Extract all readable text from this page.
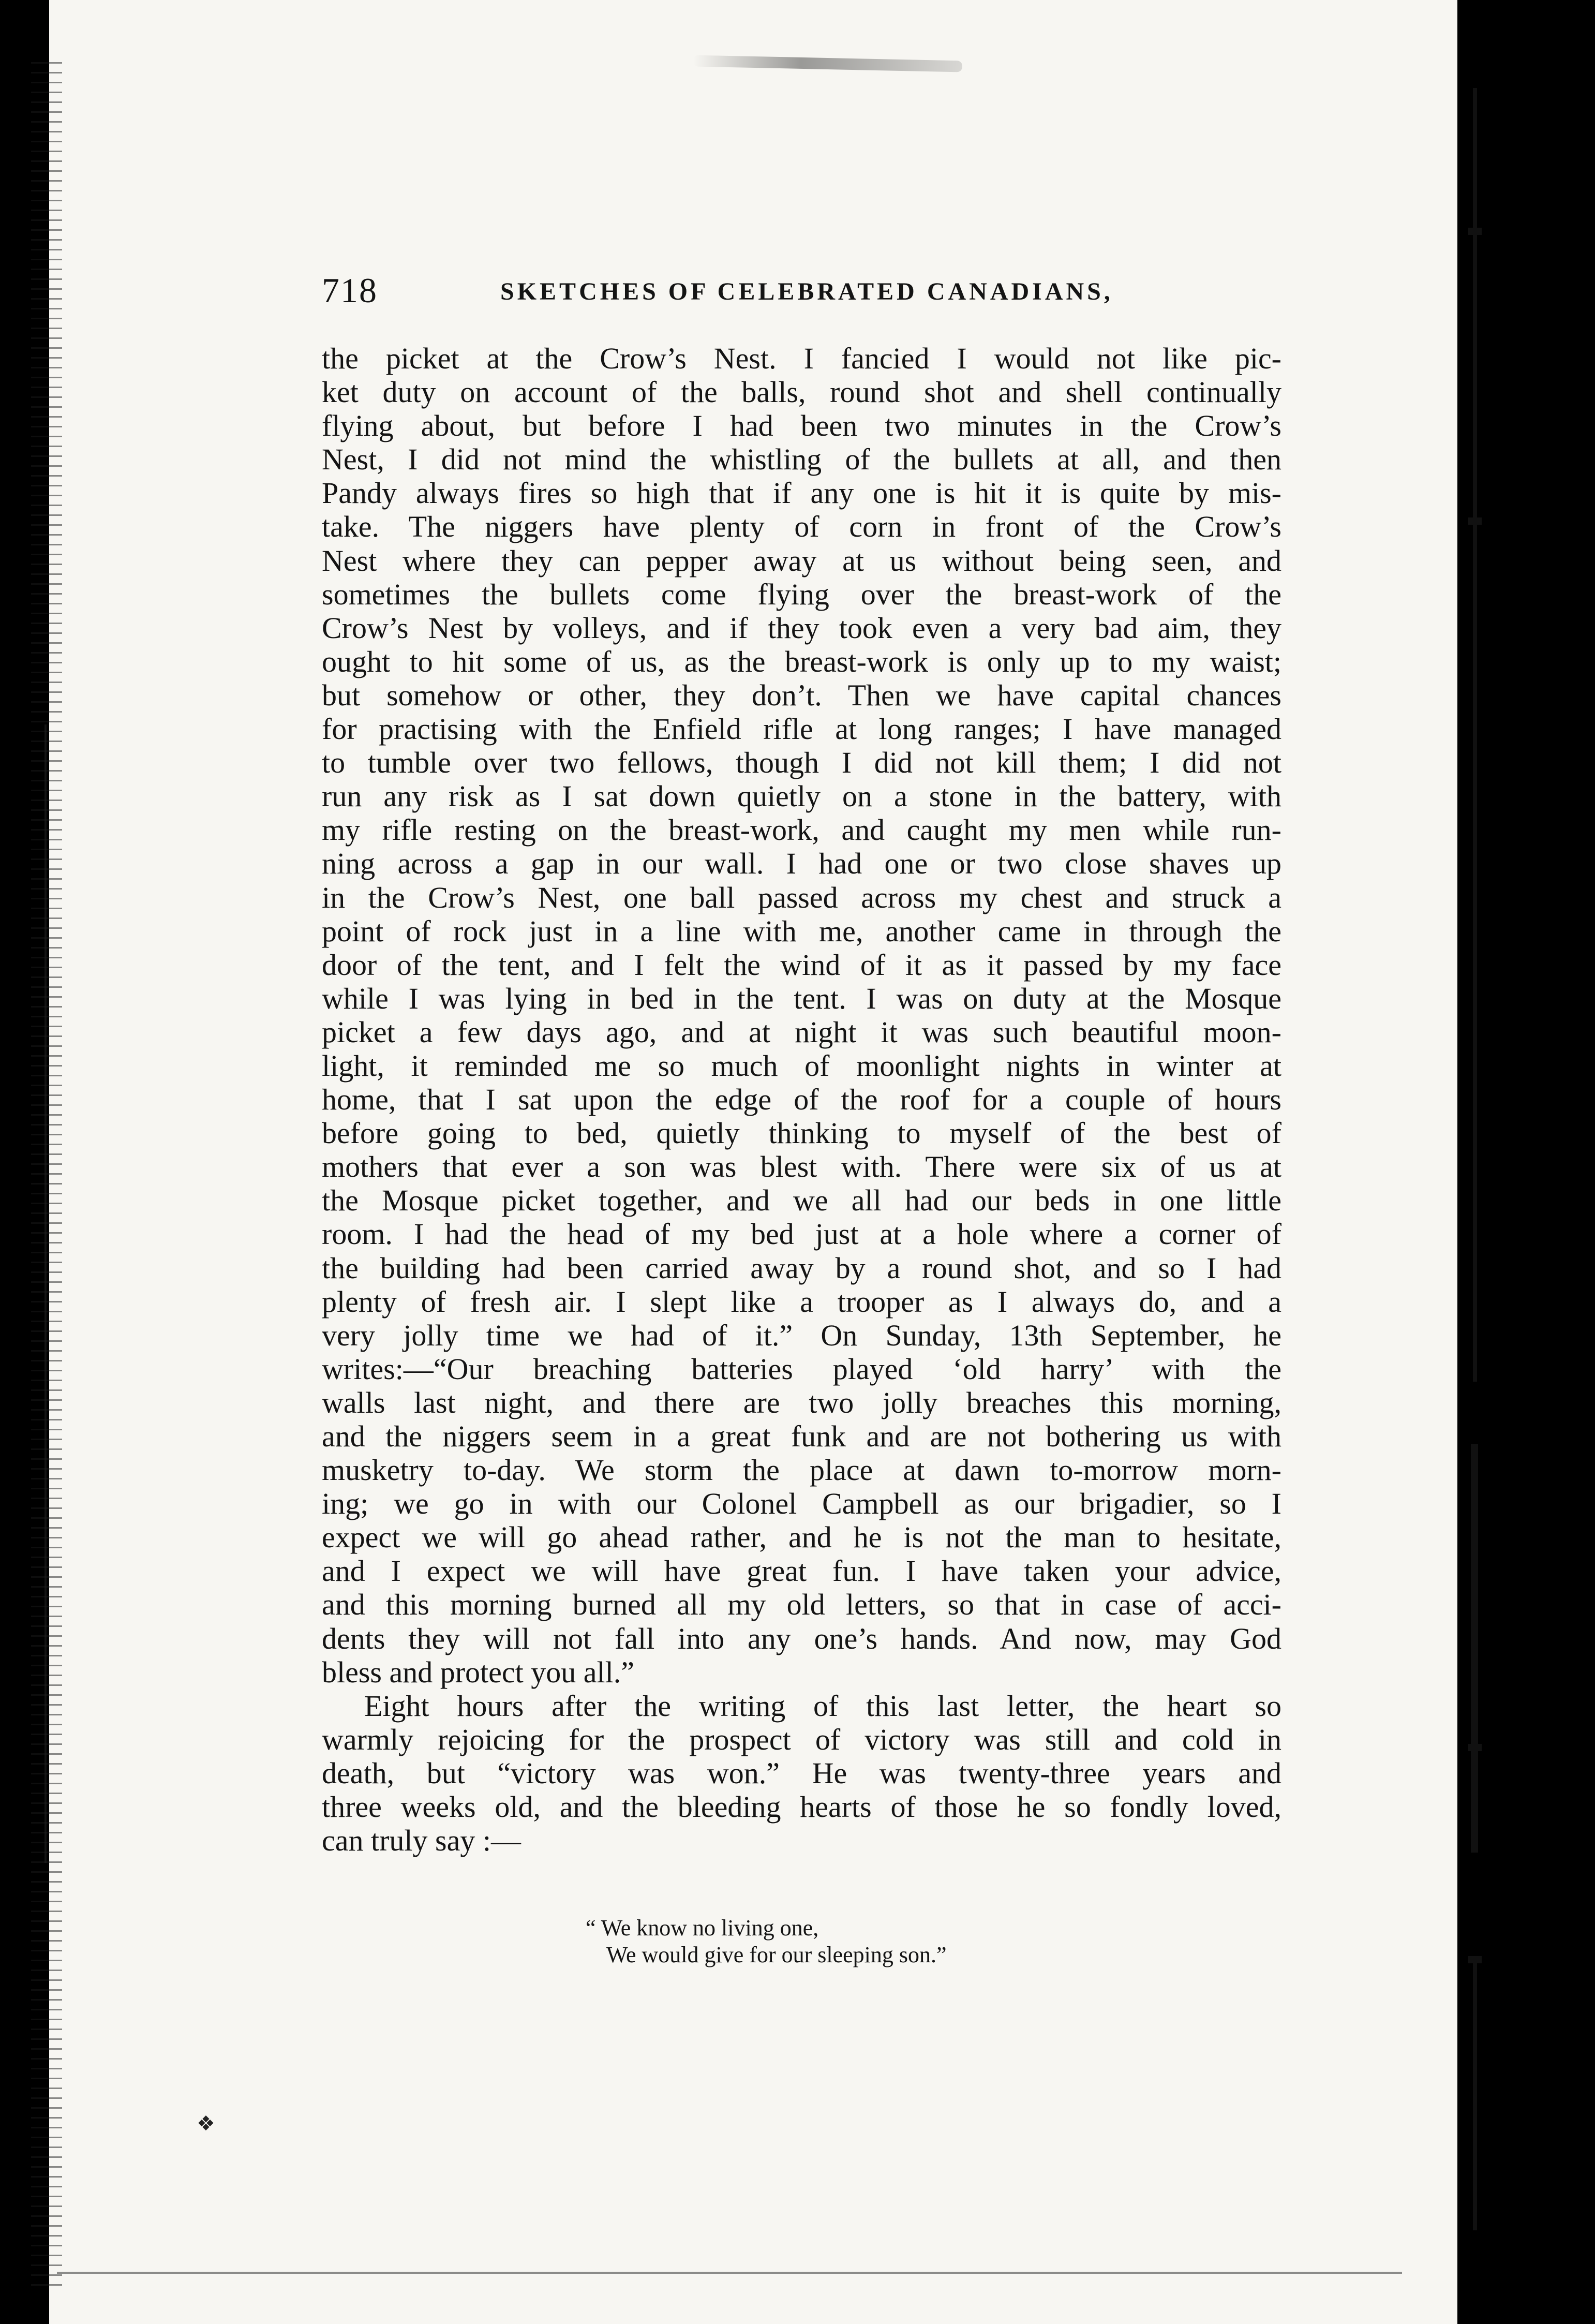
718	SKETCHES OF CELEBRATED CANADIANS,
the picket at the Crow’s Nest. I fancied I would not like pic-
ket duty on account of the balls, round shot and shell continually
flying about, but before I had been two minutes in the Crow’s
Nest, I did not mind the whistling of the bullets at all, and then
Pandy always fires so high that if any one is hit it is quite by mis-
take. The niggers have plenty of corn in front of the Crow’s
Nest where they can pepper away at us without being seen, and
sometimes the bullets come flying over the breast-work of the
Crow’s Nest by volleys, and if they took even a very bad aim, they
ought to hit some of us, as the breast-work is only up to my waist;
but somehow or other, they don’t. Then we have capital chances
for practising with the Enfield rifle at long ranges; I have managed
to tumble over two fellows, though I did not kill them; I did not
run any risk as I sat down quietly on a stone in the battery, with
my rifle resting on the breast-work, and caught my men while run-
ning across a gap in our wall. I had one or two close shaves up
in the Crow’s Nest, one ball passed across my chest and struck a
point of rock just in a line with me, another came in through the
door of the tent, and I felt the wind of it as it passed by my face
while I was lying in bed in the tent. I was on duty at the Mosque
picket a few days ago, and at night it was such beautiful moon-
light, it reminded me so much of moonlight nights in winter at
home, that I sat upon the edge of the roof for a couple of hours
before going to bed, quietly thinking to myself of the best of
mothers that ever a son was blest with. There were six of us at
the Mosque picket together, and we all had our beds in one little
room. I had the head of my bed just at a hole where a corner of
the building had been carried away by a round shot, and so I had
plenty of fresh air. I slept like a trooper as I always do, and a
very jolly time we had of it.” On Sunday, 13th September, he
writes:—“Our breaching batteries played ‘old harry’ with the
walls last night, and there are two jolly breaches this morning,
and the niggers seem in a great funk and are not bothering us with
musketry to-day. We storm the place at dawn to-morrow morn-
ing; we go in with our Colonel Campbell as our brigadier, so I
expect we will go ahead rather, and he is not the man to hesitate,
and I expect we will have great fun. I have taken your advice,
and this morning burned all my old letters, so that in case of acci-
dents they will not fall into any one’s hands. And now, may God
bless and protect you all.”
Eight hours after the writing of this last letter, the heart so
warmly rejoicing for the prospect of victory was still and cold in
death, but “victory was won.” He was twenty-three years and
three weeks old, and the bleeding hearts of those he so fondly loved,
can truly say :—
“ We know no living one,
We would give for our sleeping son.”
❖
